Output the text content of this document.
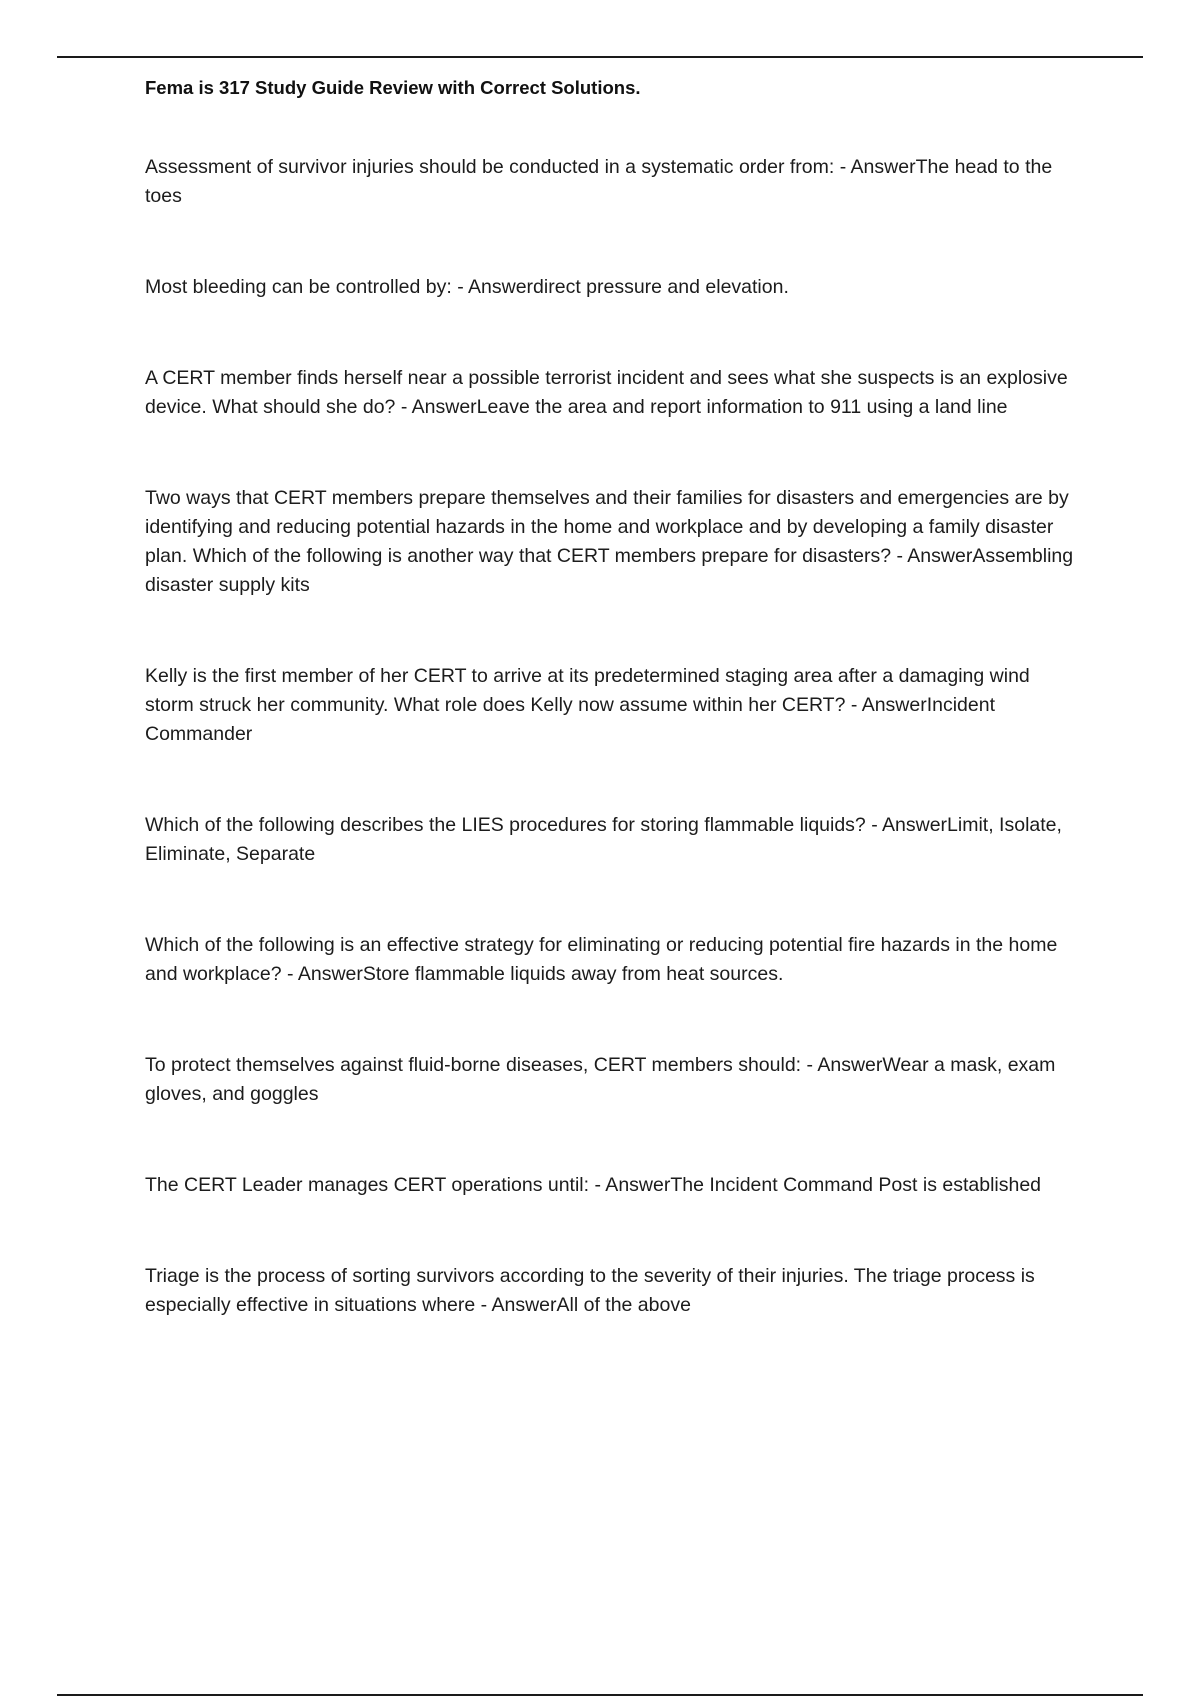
Fema is 317 Study Guide Review with Correct Solutions.
Assessment of survivor injuries should be conducted in a systematic order from: - AnswerThe head to the toes
Most bleeding can be controlled by: - Answerdirect pressure and elevation.
A CERT member finds herself near a possible terrorist incident and sees what she suspects is an explosive device. What should she do? - AnswerLeave the area and report information to 911 using a land line
Two ways that CERT members prepare themselves and their families for disasters and emergencies are by identifying and reducing potential hazards in the home and workplace and by developing a family disaster plan. Which of the following is another way that CERT members prepare for disasters? - AnswerAssembling disaster supply kits
Kelly is the first member of her CERT to arrive at its predetermined staging area after a damaging wind storm struck her community. What role does Kelly now assume within her CERT? - AnswerIncident Commander
Which of the following describes the LIES procedures for storing flammable liquids? - AnswerLimit, Isolate, Eliminate, Separate
Which of the following is an effective strategy for eliminating or reducing potential fire hazards in the home and workplace? - AnswerStore flammable liquids away from heat sources.
To protect themselves against fluid-borne diseases, CERT members should: - AnswerWear a mask, exam gloves, and goggles
The CERT Leader manages CERT operations until: - AnswerThe Incident Command Post is established
Triage is the process of sorting survivors according to the severity of their injuries. The triage process is especially effective in situations where - AnswerAll of the above
